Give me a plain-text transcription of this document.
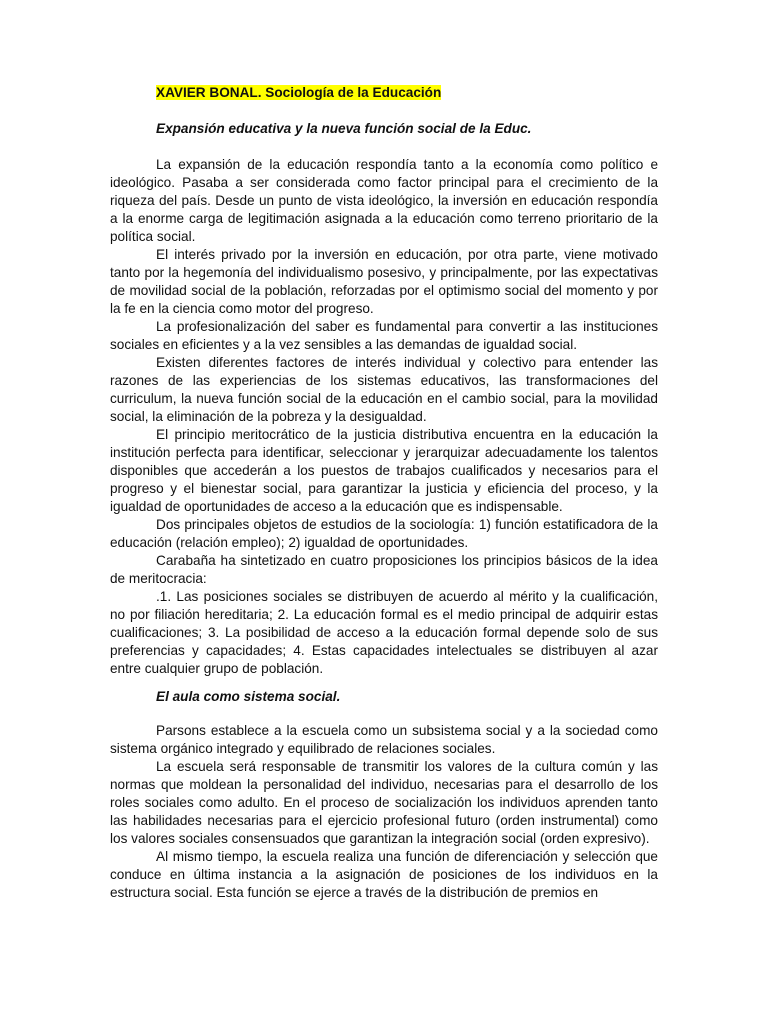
XAVIER BONAL. Sociología de la Educación
Expansión educativa y la nueva función social de la Educ.

La expansión de la educación respondía tanto a la economía como político e ideológico. Pasaba a ser considerada como factor principal para el crecimiento de la riqueza del país. Desde un punto de vista ideológico, la inversión en educación respondía a la enorme carga de legitimación asignada a la educación como terreno prioritario de la política social.

El interés privado por la inversión en educación, por otra parte, viene motivado tanto por la hegemonía del individualismo posesivo, y principalmente, por las expectativas de movilidad social de la población, reforzadas por el optimismo social del momento y por la fe en la ciencia como motor del progreso.

La profesionalización del saber es fundamental para convertir a las instituciones sociales en eficientes y a la vez sensibles a las demandas de igualdad social.

Existen diferentes factores de interés individual y colectivo para entender las razones de las experiencias de los sistemas educativos, las transformaciones del curriculum, la nueva función social de la educación en el cambio social, para la movilidad social, la eliminación de la pobreza y la desigualdad.

El principio meritocrático de la justicia distributiva encuentra en la educación la institución perfecta para identificar, seleccionar y jerarquizar adecuadamente los talentos disponibles que accederán a los puestos de trabajos cualificados y necesarios para el progreso y el bienestar social, para garantizar la justicia y eficiencia del proceso, y la igualdad de oportunidades de acceso a la educación que es indispensable.

Dos principales objetos de estudios de la sociología: 1) función estatificadora de la educación (relación empleo); 2) igualdad de oportunidades.

Carabaña ha sintetizado en cuatro proposiciones los principios básicos de la idea de meritocracia:

.1. Las posiciones sociales se distribuyen de acuerdo al mérito y la cualificación, no por filiación hereditaria; 2. La educación formal es el medio principal de adquirir estas cualificaciones; 3. La posibilidad de acceso a la educación formal depende solo de sus preferencias y capacidades; 4. Estas capacidades intelectuales se distribuyen al azar entre cualquier grupo de población.

El aula como sistema social.

Parsons establece a la escuela como un subsistema social y a la sociedad como sistema orgánico integrado y equilibrado de relaciones sociales.

La escuela será responsable de transmitir los valores de la cultura común y las normas que moldean la personalidad del individuo, necesarias para el desarrollo de los roles sociales como adulto. En el proceso de socialización los individuos aprenden tanto las habilidades necesarias para el ejercicio profesional futuro (orden instrumental) como los valores sociales consensuados que garantizan la integración social (orden expresivo).

Al mismo tiempo, la escuela realiza una función de diferenciación y selección que conduce en última instancia a la asignación de posiciones de los individuos en la estructura social. Esta función se ejerce a través de la distribución de premios en
